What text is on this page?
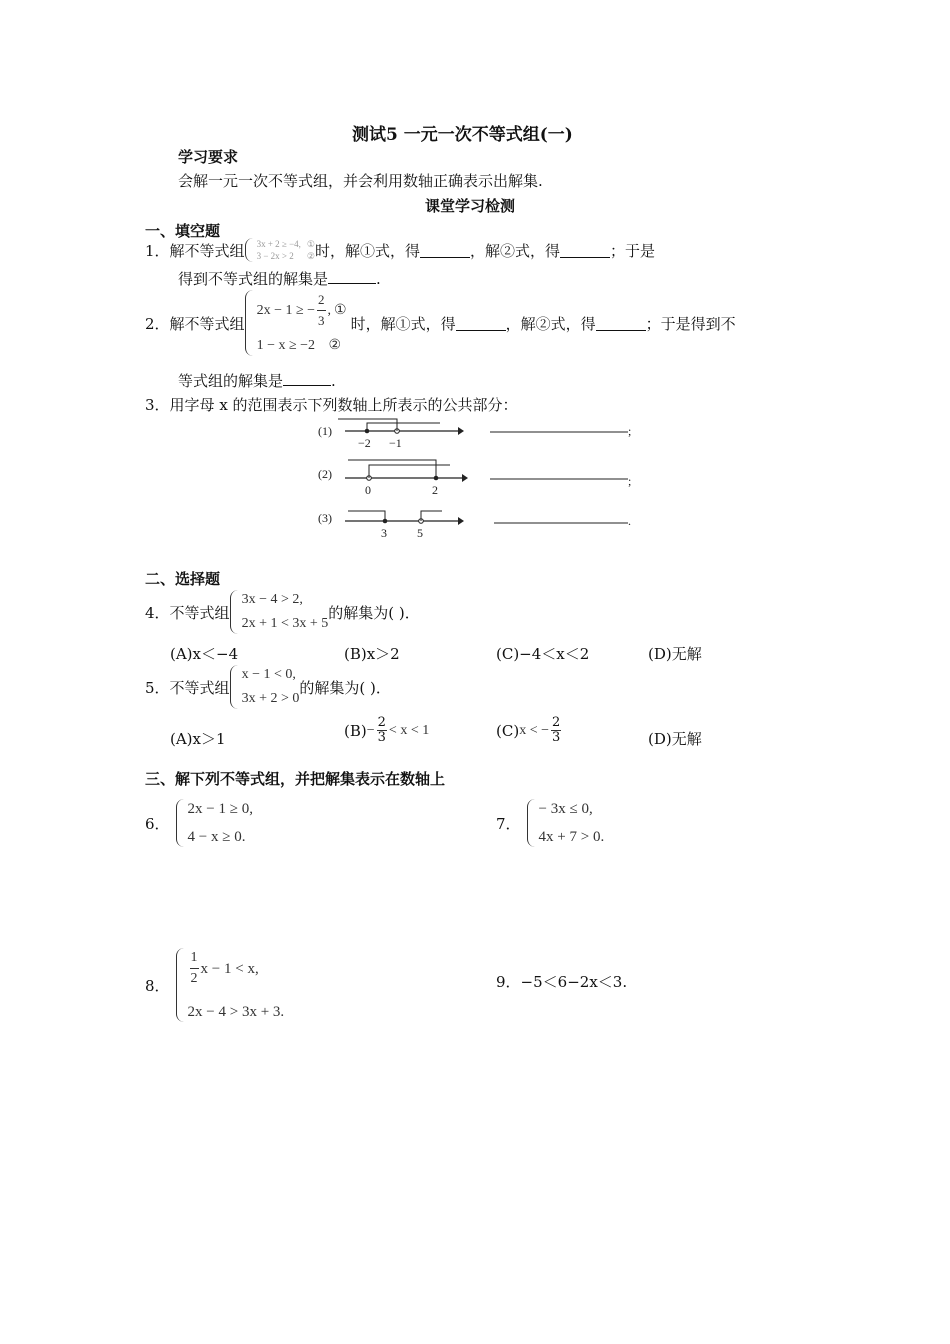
测试5 一元一次不等式组(一)
学习要求
会解一元一次不等式组，并会利用数轴正确表示出解集.
课堂学习检测
一、填空题
1． 解不等式组 3x + 2 ≥ −4,
3 − 2x > 2
①
② 时，解①式，得	，解②式，得	；于是
得到不等式组的解集是	.
2． 解不等式组
2x − 1 ≥ − $\frac{2}{3}$ , ①
1 − x ≥ −2 ②
时，解①式，得	，解②式，得	；于是得到不
等式组的解集是	.
3．用字母 x 的范围表示下列数轴上所表示的公共部分：
(1)
−2 −1
;
(2)
0	2
;
(3)
3	5
.
二、选择题
4． 不等式组
3x − 4 > 2,
2x + 1 < 3x + 5
的解集为( )．
(A)x＜−4	(B)x＞2	(C)−4＜x＜2	(D)无解
5． 不等式组
x − 1 < 0,
3x + 2 > 0
的解集为( )．
(A)x＞1	$(B) - \frac{2}{3} < x < 1$	(C) x < − $\frac{2}{3}$	(D)无解
三、解下列不等式组，并把解集表示在数轴上
6．
2x − 1 ≥ 0,
4 − x ≥ 0.
7．
− 3x ≤ 0,
4x + 7 > 0.
8． $\frac{1}{2}$ x − 1 < x,
2x − 4 > 3x + 3.
9．−5＜6−2x＜3.
